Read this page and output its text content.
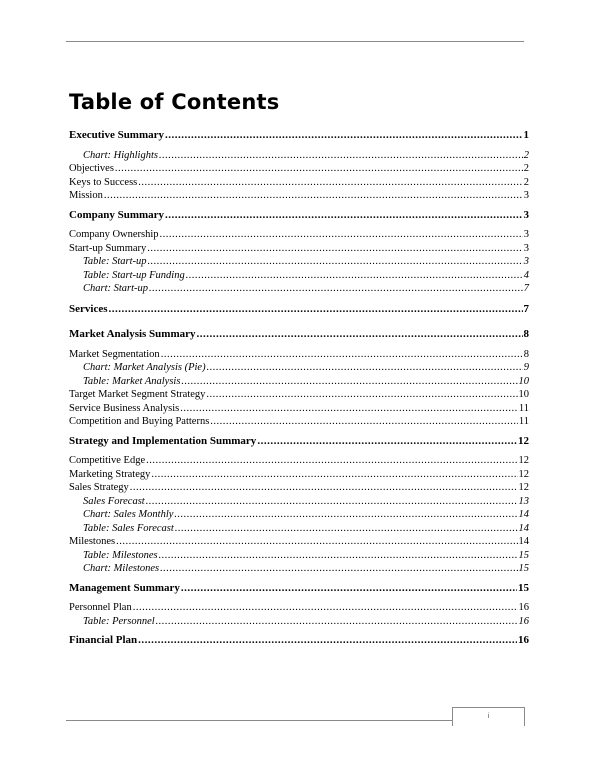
Table of Contents
Executive Summary .....	1
Chart: Highlights .....	2
Objectives .....	2
Keys to Success .....	2
Mission .....	3
Company Summary .....	3
Company Ownership .....	3
Start-up Summary .....	3
Table: Start-up .....	3
Table: Start-up Funding .....	4
Chart: Start-up .....	7
Services .....	7
Market Analysis Summary .....	8
Market Segmentation .....	8
Chart: Market Analysis (Pie) .....	9
Table: Market Analysis .....	10
Target Market Segment Strategy .....	10
Service Business Analysis .....	11
Competition and Buying Patterns .....	11
Strategy and Implementation Summary .....	12
Competitive Edge .....	12
Marketing Strategy .....	12
Sales Strategy .....	12
Sales Forecast .....	13
Chart: Sales Monthly .....	14
Table: Sales Forecast .....	14
Milestones .....	14
Table: Milestones .....	15
Chart: Milestones .....	15
Management Summary .....	15
Personnel Plan .....	16
Table: Personnel .....	16
Financial Plan .....	16
i
